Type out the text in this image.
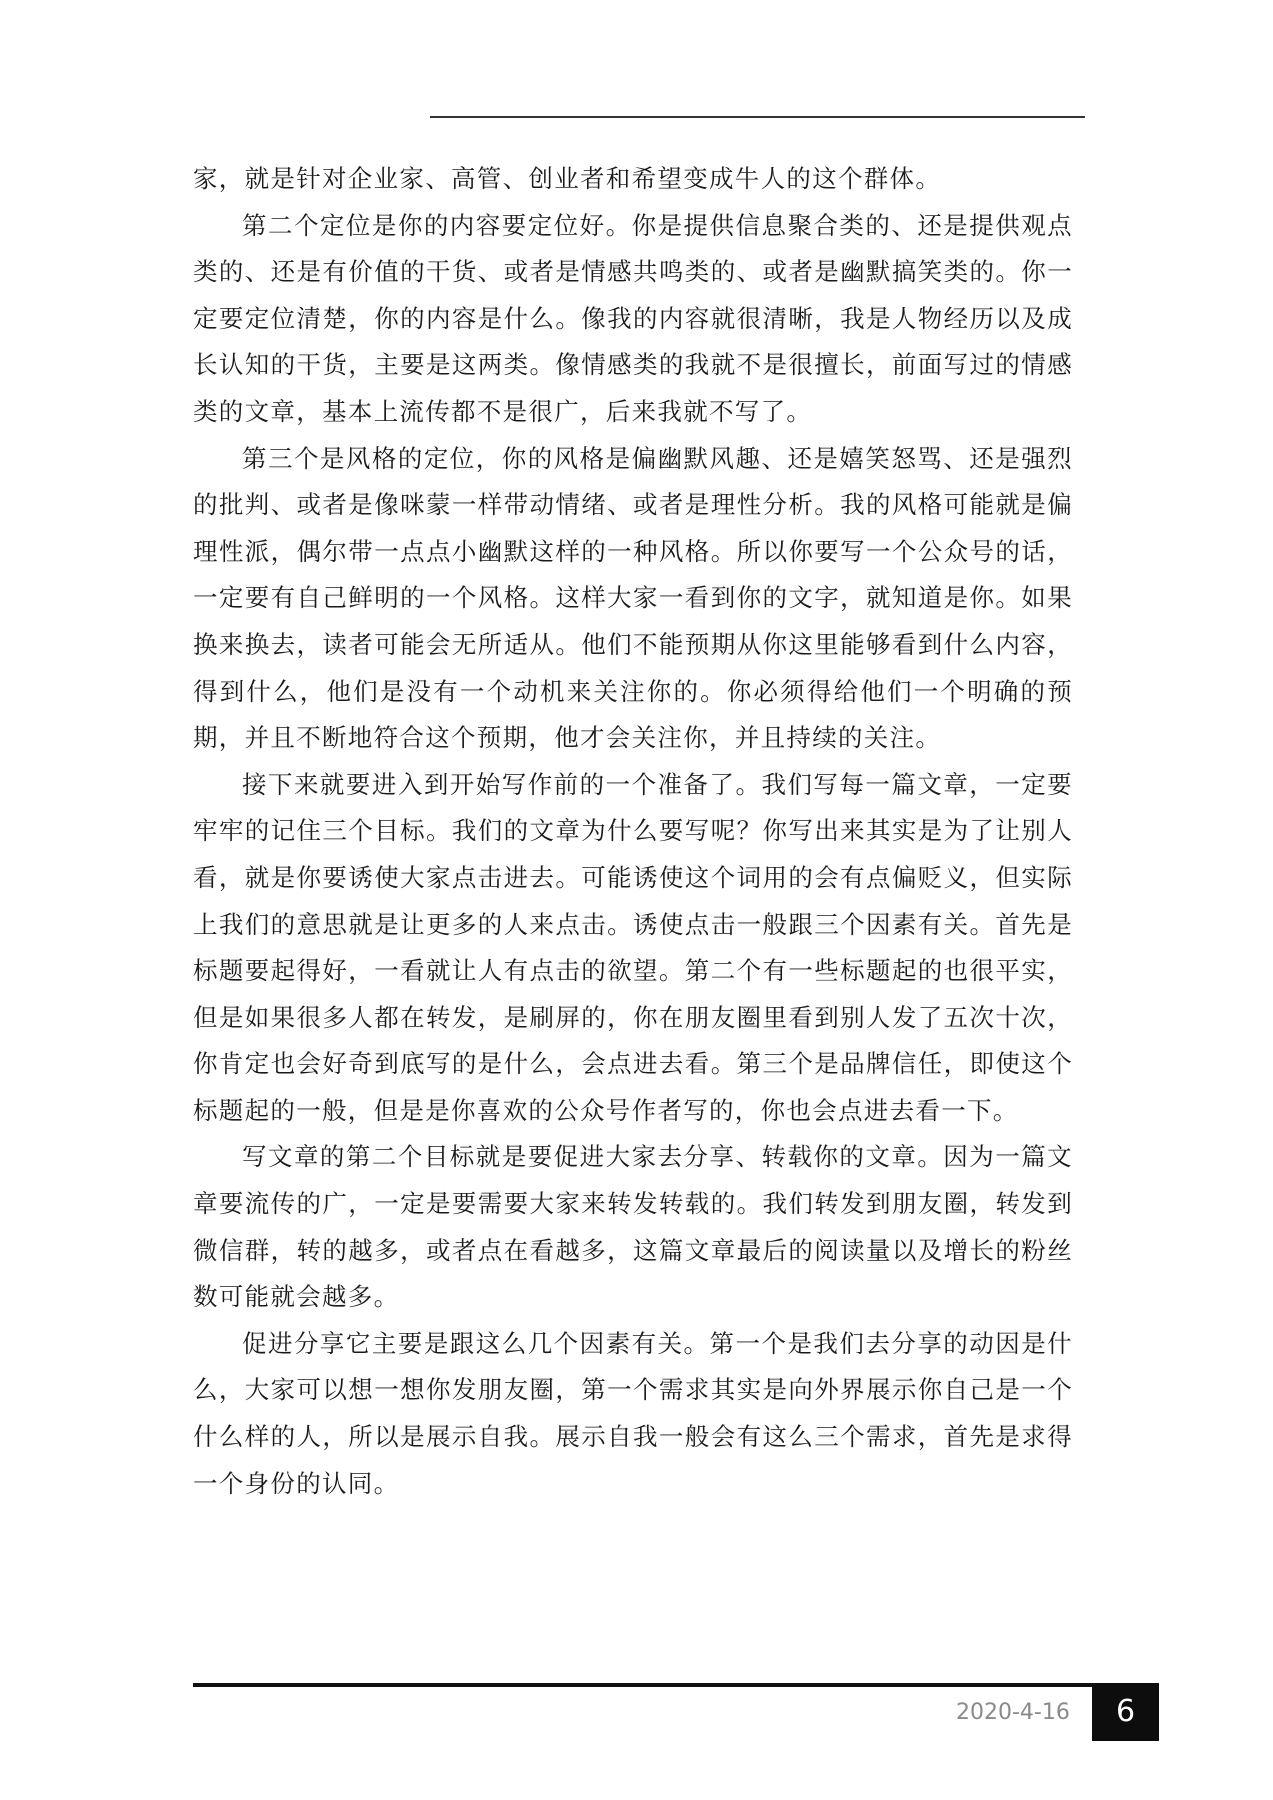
家，就是针对企业家、高管、创业者和希望变成牛人的这个群体。

第二个定位是你的内容要定位好。你是提供信息聚合类的、还是提供观点类的、还是有价值的干货、或者是情感共鸣类的、或者是幽默搞笑类的。你一定要定位清楚，你的内容是什么。像我的内容就很清晰，我是人物经历以及成长认知的干货，主要是这两类。像情感类的我就不是很擅长，前面写过的情感类的文章，基本上流传都不是很广，后来我就不写了。

第三个是风格的定位，你的风格是偏幽默风趣、还是嬉笑怒骂、还是强烈的批判、或者是像咪蒙一样带动情绪、或者是理性分析。我的风格可能就是偏理性派，偶尔带一点点小幽默这样的一种风格。所以你要写一个公众号的话，一定要有自己鲜明的一个风格。这样大家一看到你的文字，就知道是你。如果换来换去，读者可能会无所适从。他们不能预期从你这里能够看到什么内容，得到什么，他们是没有一个动机来关注你的。你必须得给他们一个明确的预期，并且不断地符合这个预期，他才会关注你，并且持续的关注。

接下来就要进入到开始写作前的一个准备了。我们写每一篇文章，一定要牢牢的记住三个目标。我们的文章为什么要写呢？你写出来其实是为了让别人看，就是你要诱使大家点击进去。可能诱使这个词用的会有点偏贬义，但实际上我们的意思就是让更多的人来点击。诱使点击一般跟三个因素有关。首先是标题要起得好，一看就让人有点击的欲望。第二个有一些标题起的也很平实，但是如果很多人都在转发，是刷屏的，你在朋友圈里看到别人发了五次十次，你肯定也会好奇到底写的是什么，会点进去看。第三个是品牌信任，即使这个标题起的一般，但是是你喜欢的公众号作者写的，你也会点进去看一下。

写文章的第二个目标就是要促进大家去分享、转载你的文章。因为一篇文章要流传的广，一定是要需要大家来转发转载的。我们转发到朋友圈，转发到微信群，转的越多，或者点在看越多，这篇文章最后的阅读量以及增长的粉丝数可能就会越多。

促进分享它主要是跟这么几个因素有关。第一个是我们去分享的动因是什么，大家可以想一想你发朋友圈，第一个需求其实是向外界展示你自己是一个什么样的人，所以是展示自我。展示自我一般会有这么三个需求，首先是求得一个身份的认同。

2020-4-16	6
